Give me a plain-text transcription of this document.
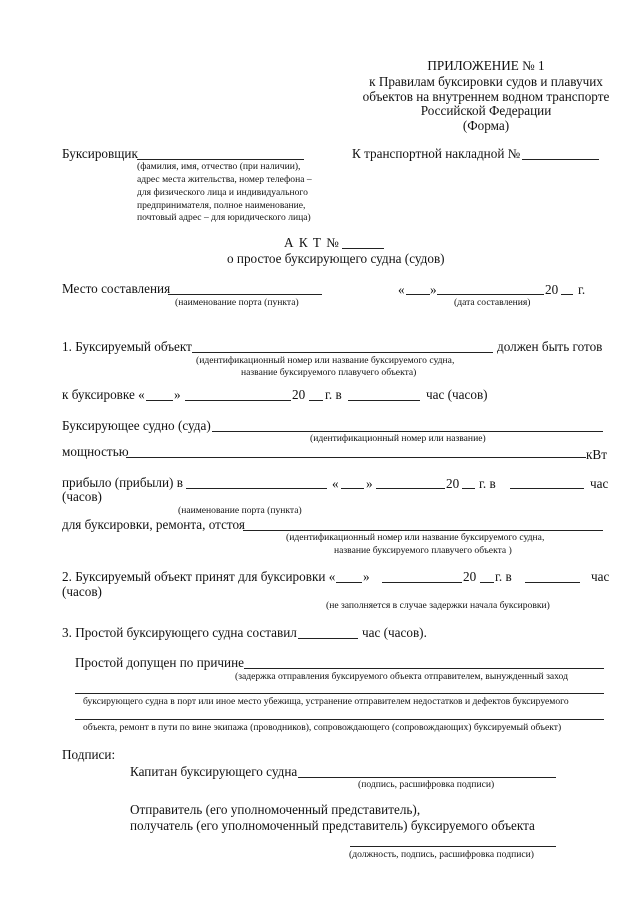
ПРИЛОЖЕНИЕ № 1
к Правилам буксировки судов и плавучих
объектов на внутреннем водном транспорте
Российской Федерации
(Форма)
Буксировщик
(фамилия, имя, отчество (при наличии),
адрес места жительства, номер телефона –
для физического лица и индивидуального
предпринимателя, полное наименование,
почтовый адрес – для юридического лица)
К транспортной накладной №
А К Т №
о простое буксирующего судна (судов)
Место составления
(наименование порта (пункта)
« »	20 г.
(дата составления)
1. Буксируемый объект	должен быть готов
(идентификационный номер или название буксируемого судна,
название буксируемого плавучего объекта)
к буксировке « »	20 г. в	час (часов)
Буксирующее судно (суда)
(идентификационный номер или название)
мощностью	кВт
прибыло (прибыли) в	« »	20 г. в	час
(часов)
(наименование порта (пункта)
для буксировки, ремонта, отстоя
(идентификационный номер или название буксируемого судна,
название буксируемого плавучего объекта )
2. Буксируемый объект принят для буксировки « »	20 г. в	час
(часов)
(не заполняется в случае задержки начала буксировки)
3. Простой буксирующего судна составил	час (часов).
Простой допущен по причине
(задержка отправления буксируемого объекта отправителем, вынужденный заход
буксирующего судна в порт или иное место убежища, устранение отправителем недостатков и дефектов буксируемого
объекта, ремонт в пути по вине экипажа (проводников), сопровождающего (сопровождающих) буксируемый объект)
Подписи:
Капитан буксирующего судна
(подпись, расшифровка подписи)
Отправитель (его уполномоченный представитель),
получатель (его уполномоченный представитель) буксируемого объекта
(должность, подпись, расшифровка подписи)
